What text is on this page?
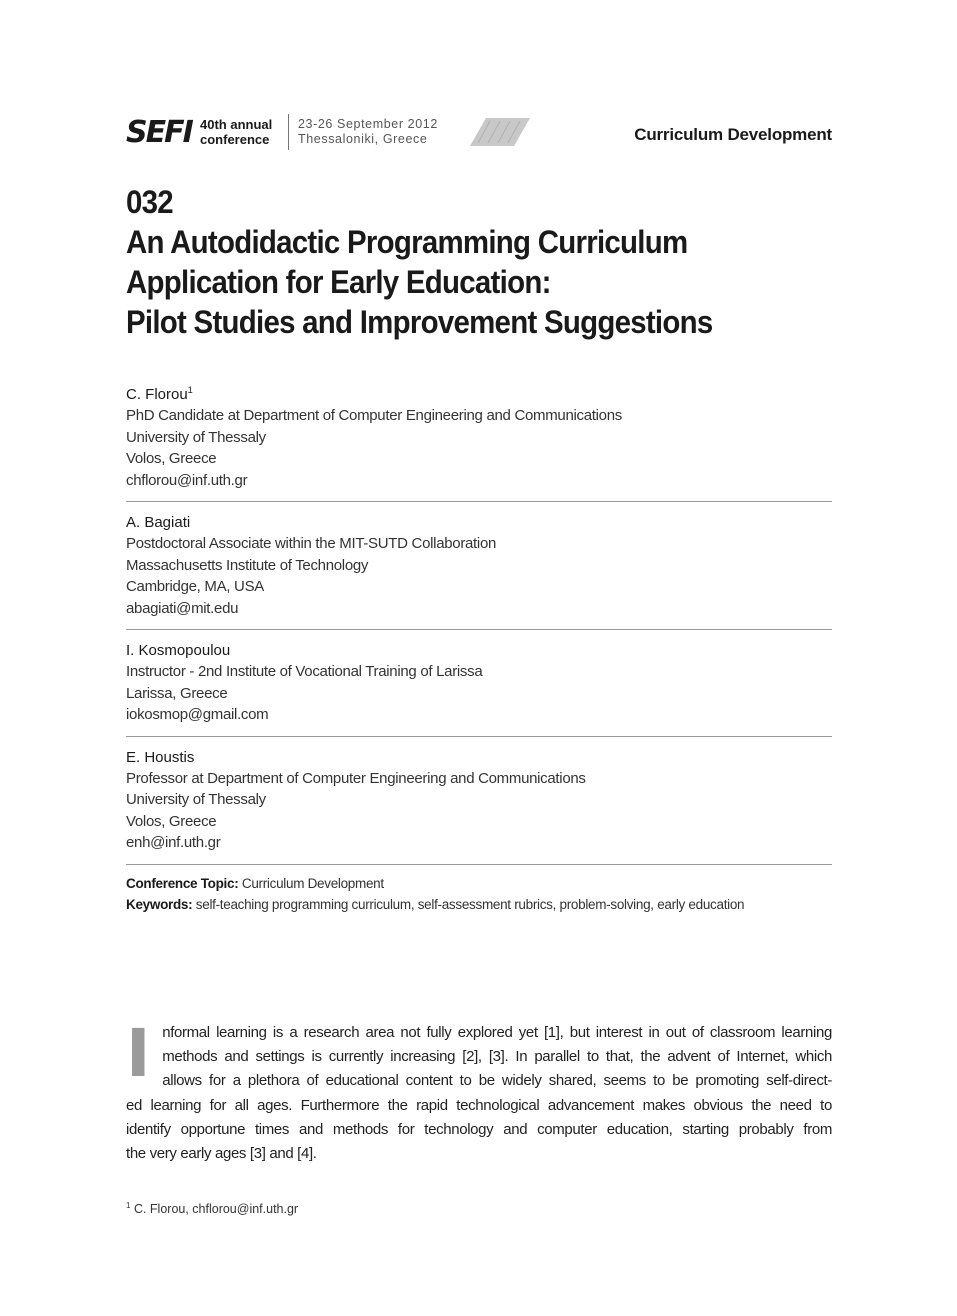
SEFI 40th annual
conference
23-26 September 2012
Thessaloniki, Greece	Curriculum Development
032
An Autodidactic Programming Curriculum
Application for Early Education:
Pilot Studies and Improvement Suggestions
C. Florou$^1$
PhD Candidate at Department of Computer Engineering and Communications
University of Thessaly
Volos, Greece
chflorou@inf.uth.gr
A. Bagiati
Postdoctoral Associate within the MIT-SUTD Collaboration
Massachusetts Institute of Technology
Cambridge, MA, USA
abagiati@mit.edu
I. Kosmopoulou
Instructor - 2nd Institute of Vocational Training of Larissa
Larissa, Greece
iokosmop@gmail.com
E. Houstis
Professor at Department of Computer Engineering and Communications
University of Thessaly
Volos, Greece
enh@inf.uth.gr
Conference Topic: Curriculum Development
Keywords: self-teaching programming curriculum, self-assessment rubrics, problem-solving, early education
I nformal learning is a research area not fully explored yet [1], but interest in out of classroom learning
methods and settings is currently increasing [2], [3]. In parallel to that, the advent of Internet, which
allows for a plethora of educational content to be widely shared, seems to be promoting self-direct-
ed learning for all ages. Furthermore the rapid technological advancement makes obvious the need to
identify opportune times and methods for technology and computer education, starting probably from
the very early ages [3] and [4].
$^1$ C. Florou, chflorou@inf.uth.gr
